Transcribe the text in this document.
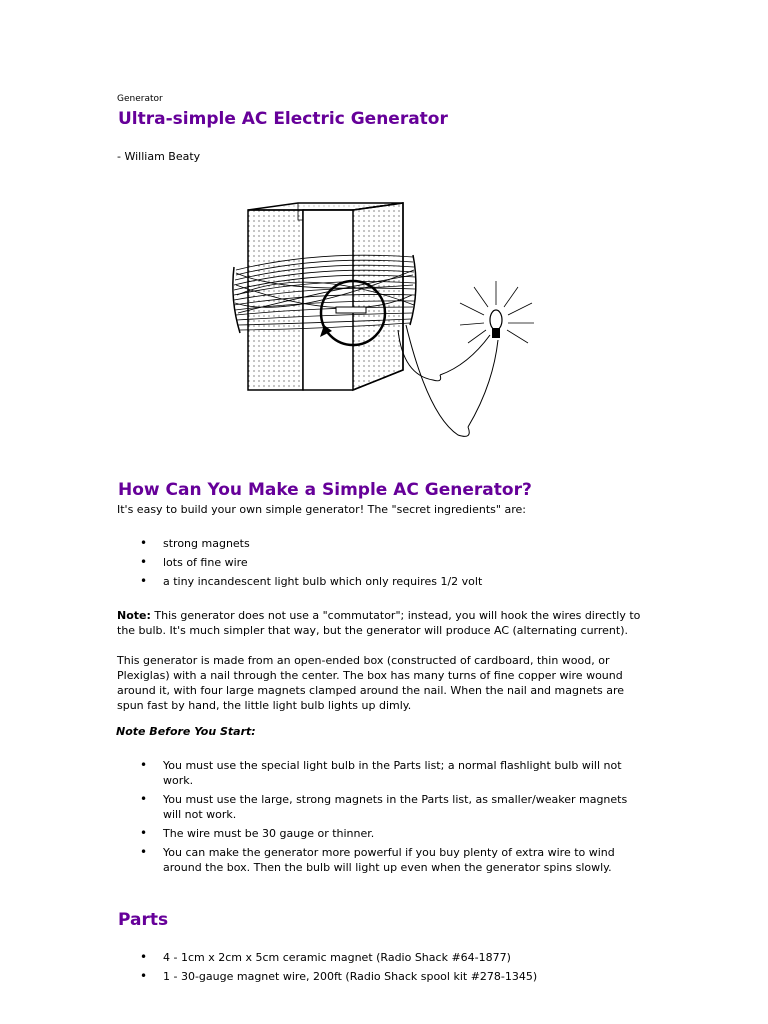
Generator
Ultra-simple AC Electric Generator
- William Beaty
How Can You Make a Simple AC Generator?
It's easy to build your own simple generator! The "secret ingredients" are:
• strong magnets
• lots of fine wire
• a tiny incandescent light bulb which only requires 1/2 volt
Note: This generator does not use a "commutator"; instead, you will hook the wires directly to the bulb. It's much simpler that way, but the generator will produce AC (alternating current).
This generator is made from an open-ended box (constructed of cardboard, thin wood, or Plexiglas) with a nail through the center. The box has many turns of fine copper wire wound around it, with four large magnets clamped around the nail. When the nail and magnets are spun fast by hand, the little light bulb lights up dimly.
Note Before You Start:
• You must use the special light bulb in the Parts list; a normal flashlight bulb will not work.
• You must use the large, strong magnets in the Parts list, as smaller/weaker magnets will not work.
• The wire must be 30 gauge or thinner.
• You can make the generator more powerful if you buy plenty of extra wire to wind around the box. Then the bulb will light up even when the generator spins slowly.
Parts
• 4 - 1cm x 2cm x 5cm ceramic magnet (Radio Shack #64-1877)
• 1 - 30-gauge magnet wire, 200ft (Radio Shack spool kit #278-1345)
